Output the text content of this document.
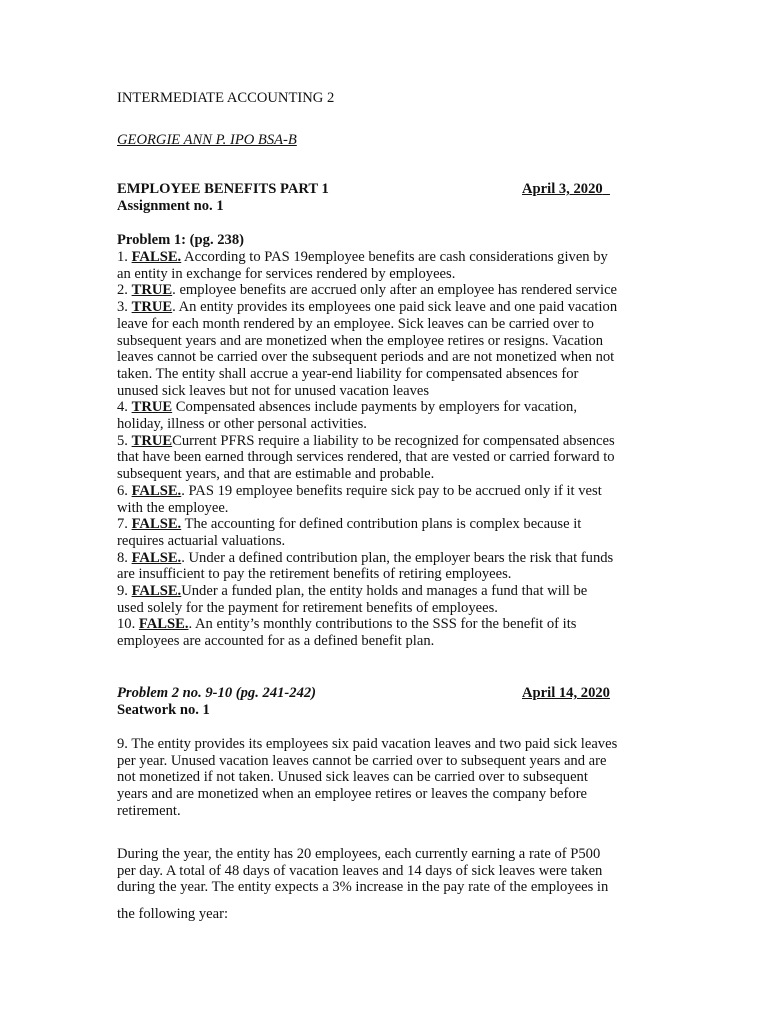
INTERMEDIATE ACCOUNTING 2
GEORGIE ANN P. IPO BSA-B
EMPLOYEE BENEFITS PART 1	April 3, 2020
Assignment no. 1
Problem 1: (pg. 238)
1. FALSE. According to PAS 19employee benefits are cash considerations given by
an entity in exchange for services rendered by employees.
2. TRUE. employee benefits are accrued only after an employee has rendered service
3. TRUE. An entity provides its employees one paid sick leave and one paid vacation
leave for each month rendered by an employee. Sick leaves can be carried over to
subsequent years and are monetized when the employee retires or resigns. Vacation
leaves cannot be carried over the subsequent periods and are not monetized when not
taken. The entity shall accrue a year-end liability for compensated absences for
unused sick leaves but not for unused vacation leaves
4. TRUE Compensated absences include payments by employers for vacation,
holiday, illness or other personal activities.
5. TRUECurrent PFRS require a liability to be recognized for compensated absences
that have been earned through services rendered, that are vested or carried forward to
subsequent years, and that are estimable and probable.
6. FALSE.. PAS 19 employee benefits require sick pay to be accrued only if it vest
with the employee.
7. FALSE. The accounting for defined contribution plans is complex because it
requires actuarial valuations.
8. FALSE.. Under a defined contribution plan, the employer bears the risk that funds
are insufficient to pay the retirement benefits of retiring employees.
9. FALSE.Under a funded plan, the entity holds and manages a fund that will be
used solely for the payment for retirement benefits of employees.
10. FALSE.. An entity’s monthly contributions to the SSS for the benefit of its
employees are accounted for as a defined benefit plan.
Problem 2 no. 9-10 (pg. 241-242)	April 14, 2020
Seatwork no. 1
9. The entity provides its employees six paid vacation leaves and two paid sick leaves
per year. Unused vacation leaves cannot be carried over to subsequent years and are
not monetized if not taken. Unused sick leaves can be carried over to subsequent
years and are monetized when an employee retires or leaves the company before
retirement.
During the year, the entity has 20 employees, each currently earning a rate of P500
per day. A total of 48 days of vacation leaves and 14 days of sick leaves were taken
during the year. The entity expects a 3% increase in the pay rate of the employees in
the following year:
